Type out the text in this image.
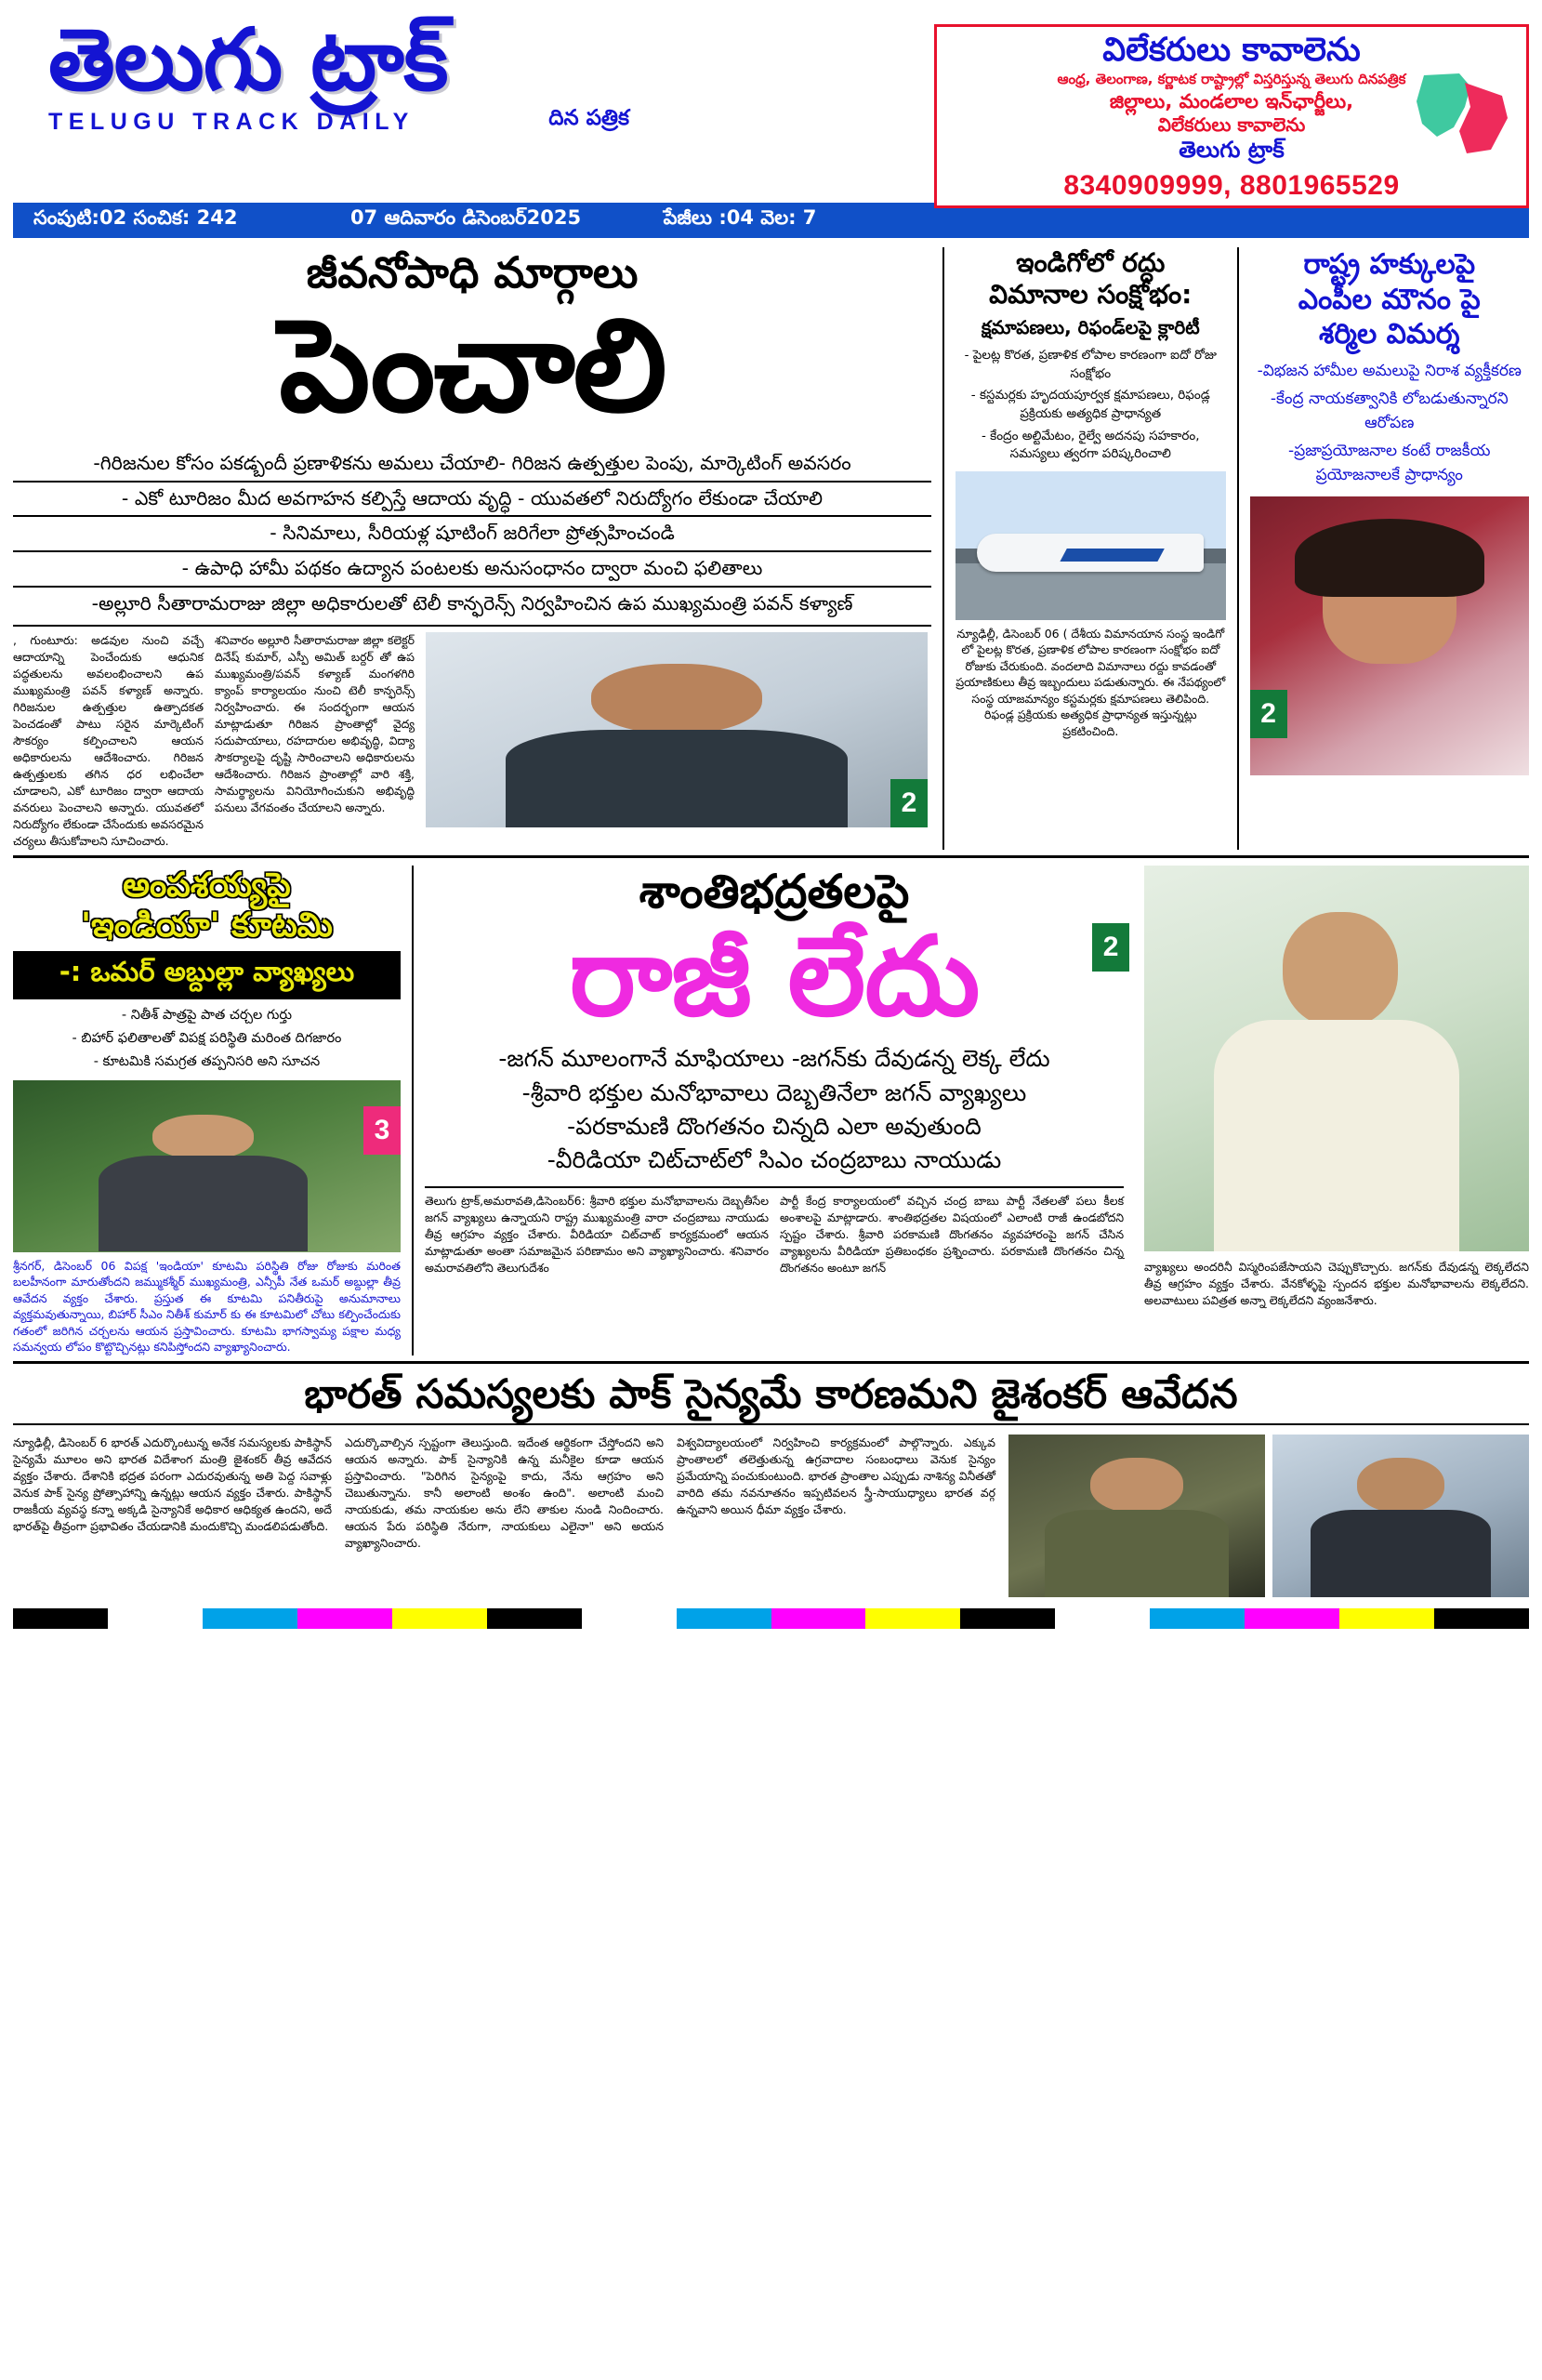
తెలుగు ట్రాక్
TELUGU TRACK DAILY	దిన పత్రిక
విలేకరులు కావాలెను
ఆంధ్ర, తెలంగాణ, కర్ణాటక రాష్ట్రాల్లో విస్తరిస్తున్న తెలుగు దినపత్రిక
జిల్లాలు, మండలాల ఇన్‌ఛార్జీలు,
విలేకరులు కావాలెను
తెలుగు ట్రాక్
8340909999, 8801965529
సంపుటి:02 సంచిక: 242	07 ఆదివారం డిసెంబర్2025	పేజీలు :04 వెల: 7
జీవనోపాధి మార్గాలు
పెంచాలి
-గిరిజనుల కోసం పకడ్బందీ ప్రణాళికను అమలు చేయాలి- గిరిజన ఉత్పత్తుల పెంపు, మార్కెటింగ్ అవసరం
- ఎకో టూరిజం మీద అవగాహన కల్పిస్తే ఆదాయ వృద్ధి - యువతలో నిరుద్యోగం లేకుండా చేయాలి
- సినిమాలు, సీరియళ్ల షూటింగ్ జరిగేలా ప్రోత్సహించండి
- ఉపాధి హామీ పథకం ఉద్యాన పంటలకు అనుసంధానం ద్వారా మంచి ఫలితాలు
-అల్లూరి సీతారామరాజు జిల్లా అధికారులతో టెలీ కాన్ఫరెన్స్ నిర్వహించిన ఉప ముఖ్యమంత్రి పవన్ కళ్యాణ్
, గుంటూరు: అడవుల నుంచి వచ్చే ఆదాయాన్ని పెంచేందుకు ఆధునిక పద్ధతులను అవలంభించాలని ఉప ముఖ్యమంత్రి పవన్ కళ్యాణ్ అన్నారు. గిరిజనుల ఉత్పత్తుల ఉత్పాదకత పెంచడంతో పాటు సరైన మార్కెటింగ్ సౌకర్యం కల్పించాలని ఆయన అధికారులను ఆదేశించారు. గిరిజన ఉత్పత్తులకు తగిన ధర లభించేలా చూడాలని, ఎకో టూరిజం ద్వారా ఆదాయ వనరులు పెంచాలని అన్నారు. యువతలో నిరుద్యోగం లేకుండా చేసేందుకు అవసరమైన చర్యలు తీసుకోవాలని సూచించారు.
శనివారం అల్లూరి సీతారామరాజు జిల్లా కలెక్టర్ దినేష్ కుమార్, ఎస్పీ అమిత్ బర్దర్ తో ఉప ముఖ్యమంత్రి/పవన్ కళ్యాణ్ మంగళగిరి క్యాంప్ కార్యాలయం నుంచి టెలీ కాన్ఫరెన్స్ నిర్వహించారు. ఈ సందర్భంగా ఆయన మాట్లాడుతూ గిరిజన ప్రాంతాల్లో వైద్య సదుపాయాలు, రహదారుల అభివృద్ధి, విద్యా సౌకర్యాలపై దృష్టి సారించాలని అధికారులను ఆదేశించారు. గిరిజన ప్రాంతాల్లో వారి శక్తి, సామర్థ్యాలను వినియోగించుకుని అభివృద్ధి పనులు వేగవంతం చేయాలని అన్నారు.	2
ఇండిగోలో రద్దు
విమానాల సంక్షోభం:
క్షమాపణలు, రిఫండ్‌లపై క్లారిటీ
- పైలట్ల కొరత, ప్రణాళిక లోపాల కారణంగా ఐదో రోజు సంక్షోభం
- కస్టమర్లకు హృదయపూర్వక క్షమాపణలు, రిఫండ్ల ప్రక్రియకు అత్యధిక ప్రాధాన్యత
- కేంద్రం అల్టిమేటం, రైల్వే అదనపు సహకారం, సమస్యలు త్వరగా పరిష్కరించాలి
న్యూఢిల్లీ, డిసెంబర్ 06 ( దేశీయ విమానయాన సంస్థ ఇండిగో లో పైలట్ల కొరత, ప్రణాళిక లోపాల కారణంగా సంక్షోభం ఐదో రోజుకు చేరుకుంది. వందలాది విమానాలు రద్దు కావడంతో ప్రయాణికులు తీవ్ర ఇబ్బందులు పడుతున్నారు. ఈ నేపథ్యంలో సంస్థ యాజమాన్యం కస్టమర్లకు క్షమాపణలు తెలిపింది. రిఫండ్ల ప్రక్రియకు అత్యధిక ప్రాధాన్యత ఇస్తున్నట్లు ప్రకటించింది.
రాష్ట్ర హక్కులపై
ఎంపీల మౌనం పై
శర్మిల విమర్శ
-విభజన హామీల అమలుపై నిరాశ వ్యక్తీకరణ
-కేంద్ర నాయకత్వానికి లోబడుతున్నారని ఆరోపణ
-ప్రజాప్రయోజనాల కంటే రాజకీయ ప్రయోజనాలకే ప్రాధాన్యం
2
అంపశయ్యపై
'ఇండియా' కూటమి
-: ఒమర్ అబ్దుల్లా వ్యాఖ్యలు
- నితీశ్ పాత్రపై పాత చర్చల గుర్తు
- బిహార్ ఫలితాలతో విపక్ష పరిస్థితి మరింత దిగజారం
- కూటమికి సమగ్రత తప్పనిసరి అని సూచన
3
శ్రీనగర్, డిసెంబర్ 06 విపక్ష 'ఇండియా' కూటమి పరిస్థితి రోజు రోజుకు మరింత బలహీనంగా మారుతోందని జమ్ముకశ్మీర్ ముఖ్యమంత్రి, ఎన్సీపీ నేత ఒమర్ అబ్దుల్లా తీవ్ర ఆవేదన వ్యక్తం చేశారు. ప్రస్తుత ఈ కూటమి పనితీరుపై అనుమానాలు వ్యక్తమవుతున్నాయి, బిహార్ సీఎం నితీశ్ కుమార్ కు ఈ కూటమిలో చోటు కల్పించేందుకు గతంలో జరిగిన చర్చలను ఆయన ప్రస్తావించారు. కూటమి భాగస్వామ్య పక్షాల మధ్య సమన్వయ లోపం కొట్టొచ్చినట్లు కనిపిస్తోందని వ్యాఖ్యానించారు.
శాంతిభద్రతలపై
రాజీ లేదు	2
-జగన్ మూలంగానే మాఫియాలు -జగన్‌కు దేవుడన్న లెక్క లేదు
-శ్రీవారి భక్తుల మనోభావాలు దెబ్బతినేలా జగన్ వ్యాఖ్యలు
-పరకామణి దొంగతనం చిన్నది ఎలా అవుతుంది
-వీరిడియా చిట్‌చాట్‌లో సిఎం చంద్రబాబు నాయుడు
తెలుగు ట్రాక్,అమరావతి,డిసెంబర్6: శ్రీవారి భక్తుల మనోభావాలను దెబ్బతీసేల జగన్ వ్యాఖ్యలు ఉన్నాయని రాష్ట్ర ముఖ్యమంత్రి వారా చంద్రబాబు నాయుడు తీవ్ర ఆగ్రహం వ్యక్తం చేశారు. వీరిడియా చిట్‌చాట్ కార్యక్రమంలో ఆయన మాట్లాడుతూ అంతా సమాజమైన పరిణామం అని వ్యాఖ్యానించారు. శనివారం అమరావతిలోని తెలుగుదేశం
పార్టీ కేంద్ర కార్యాలయంలో వచ్చిన చంద్ర బాబు పార్టీ నేతలతో పలు కీలక అంశాలపై మాట్లాడారు. శాంతిభద్రతల విషయంలో ఎలాంటి రాజీ ఉండబోదని స్పష్టం చేశారు. శ్రీవారి పరకామణి దొంగతనం వ్యవహారంపై జగన్ చేసిన వ్యాఖ్యలను వీరిడియా ప్రతిబంధకం ప్రశ్నించారు. పరకామణి దొంగతనం చిన్న దొంగతనం అంటూ జగన్	వ్యాఖ్యలు అందరినీ విస్మరింపజేసాయని చెప్పుకొచ్చారు. జగన్‌కు దేవుడన్న లెక్కలేదని తీవ్ర ఆగ్రహం వ్యక్తం చేశారు. వేనకోళ్ళపై స్పందన భక్తుల మనోభావాలను లెక్కలేదని. అలవాటులు పవిత్రత అన్నా లెక్కలేదని వ్యంజనేశారు.
భారత్ సమస్యలకు పాక్ సైన్యమే కారణమని జైశంకర్ ఆవేదన
న్యూఢిల్లీ, డిసెంబర్ 6 భారత్ ఎదుర్కొంటున్న అనేక సమస్యలకు పాకిస్థాన్ సైన్యమే మూలం అని భారత విదేశాంగ మంత్రి జైశంకర్ తీవ్ర ఆవేదన వ్యక్తం చేశారు. దేశానికి భద్రత పరంగా ఎదురవుతున్న అతి పెద్ద సవాళ్లు వెనుక పాక్ సైన్య ప్రోత్సాహాన్ని ఉన్నట్లు ఆయన వ్యక్తం చేశారు. పాకిస్థాన్ రాజకీయ వ్యవస్థ కన్నా అక్కడి సైన్యానికే అధికార ఆధిక్యత ఉందని, అదే భారత్‌పై తీవ్రంగా ప్రభావితం చేయడానికి మందుకొచ్చి మండలిపడుతోంది.
ఎదుర్కొవాల్సిన స్పష్టంగా తెలుస్తుంది. ఇదేంత ఆర్థికంగా చేస్తోందని అని ఆయన అన్నారు. పాక్ సైన్యానికి ఉన్న మనీకైల కూడా ఆయన ప్రస్తావించారు. "పెరిగిన సైన్యంపై కాదు, నేను ఆగ్రహం అని చెబుతున్నాను. కానీ అలాంటి అంశం ఉంది". అలాంటి మంచి నాయకుడు, తమ నాయకుల అను లేని తాకుల నుండి నిందించారు. ఆయన పేరు పరిస్థితి నేరుగా, నాయకులు ఎలైనా" అని అయన వ్యాఖ్యానించారు.
విశ్వవిద్యాలయంలో నిర్వహించి కార్యక్రమంలో పాల్గొన్నారు. ఎక్కువ ప్రాంతాలలో తలెత్తుతున్న ఉగ్రవాదాల సంబంధాలు వెనుక సైన్యం ప్రమేయాన్ని పంచుకుంటుంది. భారత ప్రాంతాల ఎప్పుడు నాశిన్య వినీతతో వారిది తమ నవనూతనం ఇప్పటివలన స్త్రీ-సాయుధ్యాలు భారత వర్గ ఉన్నవాని అయిన ధీమా వ్యక్తం చేశారు.
